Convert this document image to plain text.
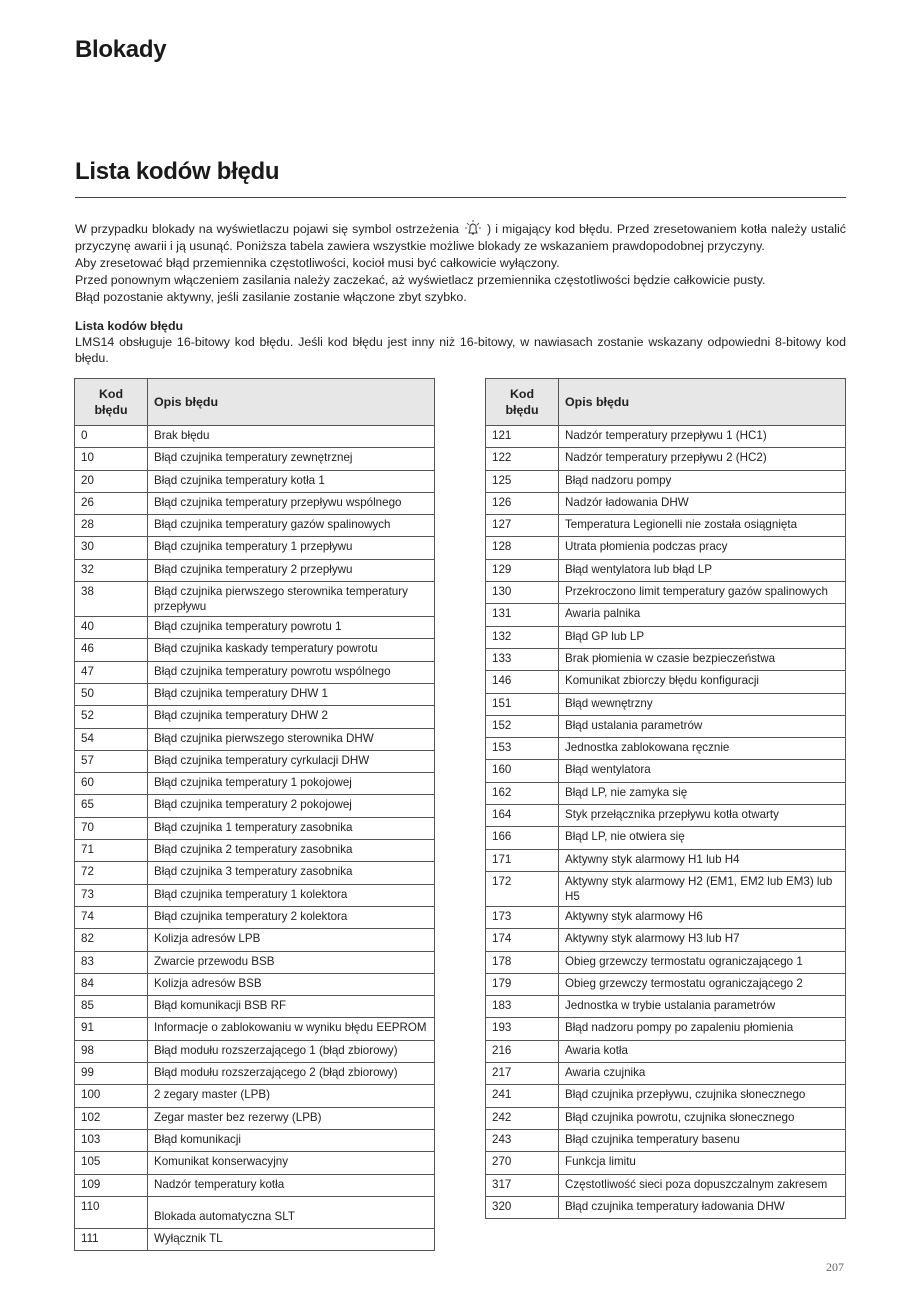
Blokady
Lista kodów błędu

W przypadku blokady na wyświetlaczu pojawi się symbol ostrzeżenia  ) i migający kod błędu. Przed zresetowaniem kotła należy ustalić przyczynę awarii i ją usunąć. Poniższa tabela zawiera wszystkie możliwe blokady ze wskazaniem prawdopodobnej przyczyny.

Aby zresetować błąd przemiennika częstotliwości, kocioł musi być całkowicie wyłączony.

Przed ponownym włączeniem zasilania należy zaczekać, aż wyświetlacz przemiennika częstotliwości będzie całkowicie pusty.

Błąd pozostanie aktywny, jeśli zasilanie zostanie włączone zbyt szybko.

Lista kodów błędu

LMS14 obsługuje 16-bitowy kod błędu. Jeśli kod błędu jest inny niż 16-bitowy, w nawiasach zostanie wskazany odpowiedni 8-bitowy kod błędu.

Kod błędu	Opis błędu
0	Brak błędu
10	Błąd czujnika temperatury zewnętrznej
20	Błąd czujnika temperatury kotła 1
26	Błąd czujnika temperatury przepływu wspólnego
28	Błąd czujnika temperatury gazów spalinowych
30	Błąd czujnika temperatury 1 przepływu
32	Błąd czujnika temperatury 2 przepływu
38	Błąd czujnika pierwszego sterownika temperatury przepływu
40	Błąd czujnika temperatury powrotu 1
46	Błąd czujnika kaskady temperatury powrotu
47	Błąd czujnika temperatury powrotu wspólnego
50	Błąd czujnika temperatury DHW 1
52	Błąd czujnika temperatury DHW 2
54	Błąd czujnika pierwszego sterownika DHW
57	Błąd czujnika temperatury cyrkulacji DHW
60	Błąd czujnika temperatury 1 pokojowej
65	Błąd czujnika temperatury 2 pokojowej
70	Błąd czujnika 1 temperatury zasobnika
71	Błąd czujnika 2 temperatury zasobnika
72	Błąd czujnika 3 temperatury zasobnika
73	Błąd czujnika temperatury 1 kolektora
74	Błąd czujnika temperatury 2 kolektora
82	Kolizja adresów LPB
83	Zwarcie przewodu BSB
84	Kolizja adresów BSB
85	Błąd komunikacji BSB RF
91	Informacje o zablokowaniu w wyniku błędu EEPROM
98	Błąd modułu rozszerzającego 1 (błąd zbiorowy)
99	Błąd modułu rozszerzającego 2 (błąd zbiorowy)
100	2 zegary master (LPB)
102	Zegar master bez rezerwy (LPB)
103	Błąd komunikacji
105	Komunikat konserwacyjny
109	Nadzór temperatury kotła
110	Blokada automatyczna SLT
111	Wyłącznik TL
Kod błędu	Opis błędu
121	Nadzór temperatury przepływu 1 (HC1)
122	Nadzór temperatury przepływu 2 (HC2)
125	Błąd nadzoru pompy
126	Nadzór ładowania DHW
127	Temperatura Legionelli nie została osiągnięta
128	Utrata płomienia podczas pracy
129	Błąd wentylatora lub błąd LP
130	Przekroczono limit temperatury gazów spalinowych
131	Awaria palnika
132	Błąd GP lub LP
133	Brak płomienia w czasie bezpieczeństwa
146	Komunikat zbiorczy błędu konfiguracji
151	Błąd wewnętrzny
152	Błąd ustalania parametrów
153	Jednostka zablokowana ręcznie
160	Błąd wentylatora
162	Błąd LP, nie zamyka się
164	Styk przełącznika przepływu kotła otwarty
166	Błąd LP, nie otwiera się
171	Aktywny styk alarmowy H1 lub H4
172	Aktywny styk alarmowy H2 (EM1, EM2 lub EM3) lub H5
173	Aktywny styk alarmowy H6
174	Aktywny styk alarmowy H3 lub H7
178	Obieg grzewczy termostatu ograniczającego 1
179	Obieg grzewczy termostatu ograniczającego 2
183	Jednostka w trybie ustalania parametrów
193	Błąd nadzoru pompy po zapaleniu płomienia
216	Awaria kotła
217	Awaria czujnika
241	Błąd czujnika przepływu, czujnika słonecznego
242	Błąd czujnika powrotu, czujnika słonecznego
243	Błąd czujnika temperatury basenu
270	Funkcja limitu
317	Częstotliwość sieci poza dopuszczalnym zakresem
320	Błąd czujnika temperatury ładowania DHW
207
